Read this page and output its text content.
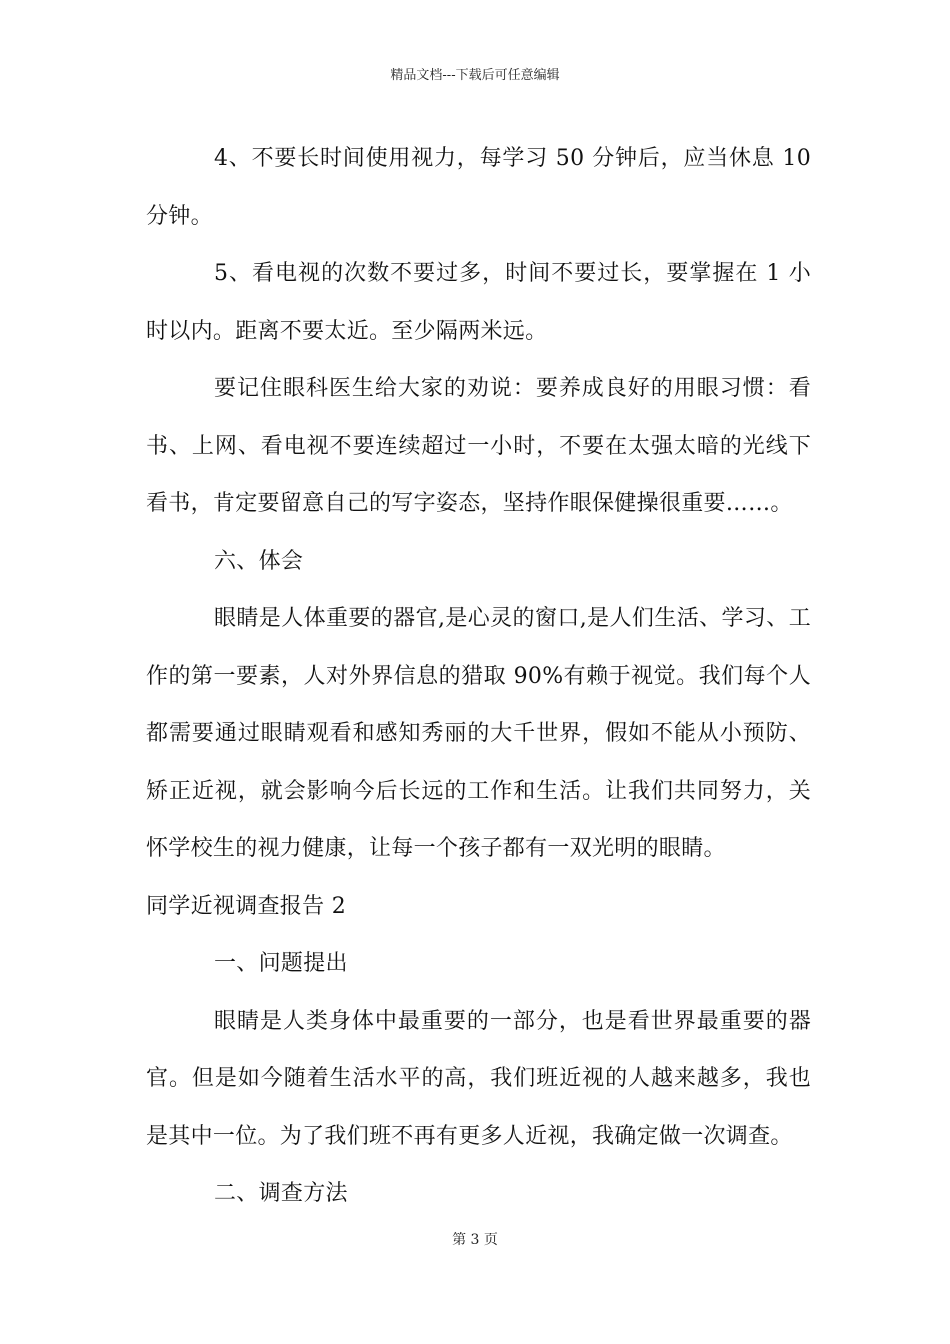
精品文档---下载后可任意编辑

4、不要长时间使用视力，每学习 50 分钟后，应当休息 10 分钟。

5、看电视的次数不要过多，时间不要过长，要掌握在 1 小时以内。距离不要太近。至少隔两米远。

要记住眼科医生给大家的劝说：要养成良好的用眼习惯：看书、上网、看电视不要连续超过一小时，不要在太强太暗的光线下看书，肯定要留意自己的写字姿态，坚持作眼保健操很重要……。

六、体会

眼睛是人体重要的器官,是心灵的窗口,是人们生活、学习、工作的第一要素，人对外界信息的猎取 90%有赖于视觉。我们每个人都需要通过眼睛观看和感知秀丽的大千世界，假如不能从小预防、矫正近视，就会影响今后长远的工作和生活。让我们共同努力，关怀学校生的视力健康，让每一个孩子都有一双光明的眼睛。

同学近视调查报告 2

一、问题提出

眼睛是人类身体中最重要的一部分，也是看世界最重要的器官。但是如今随着生活水平的高，我们班近视的人越来越多，我也是其中一位。为了我们班不再有更多人近视，我确定做一次调查。

二、调查方法

第 3 页
